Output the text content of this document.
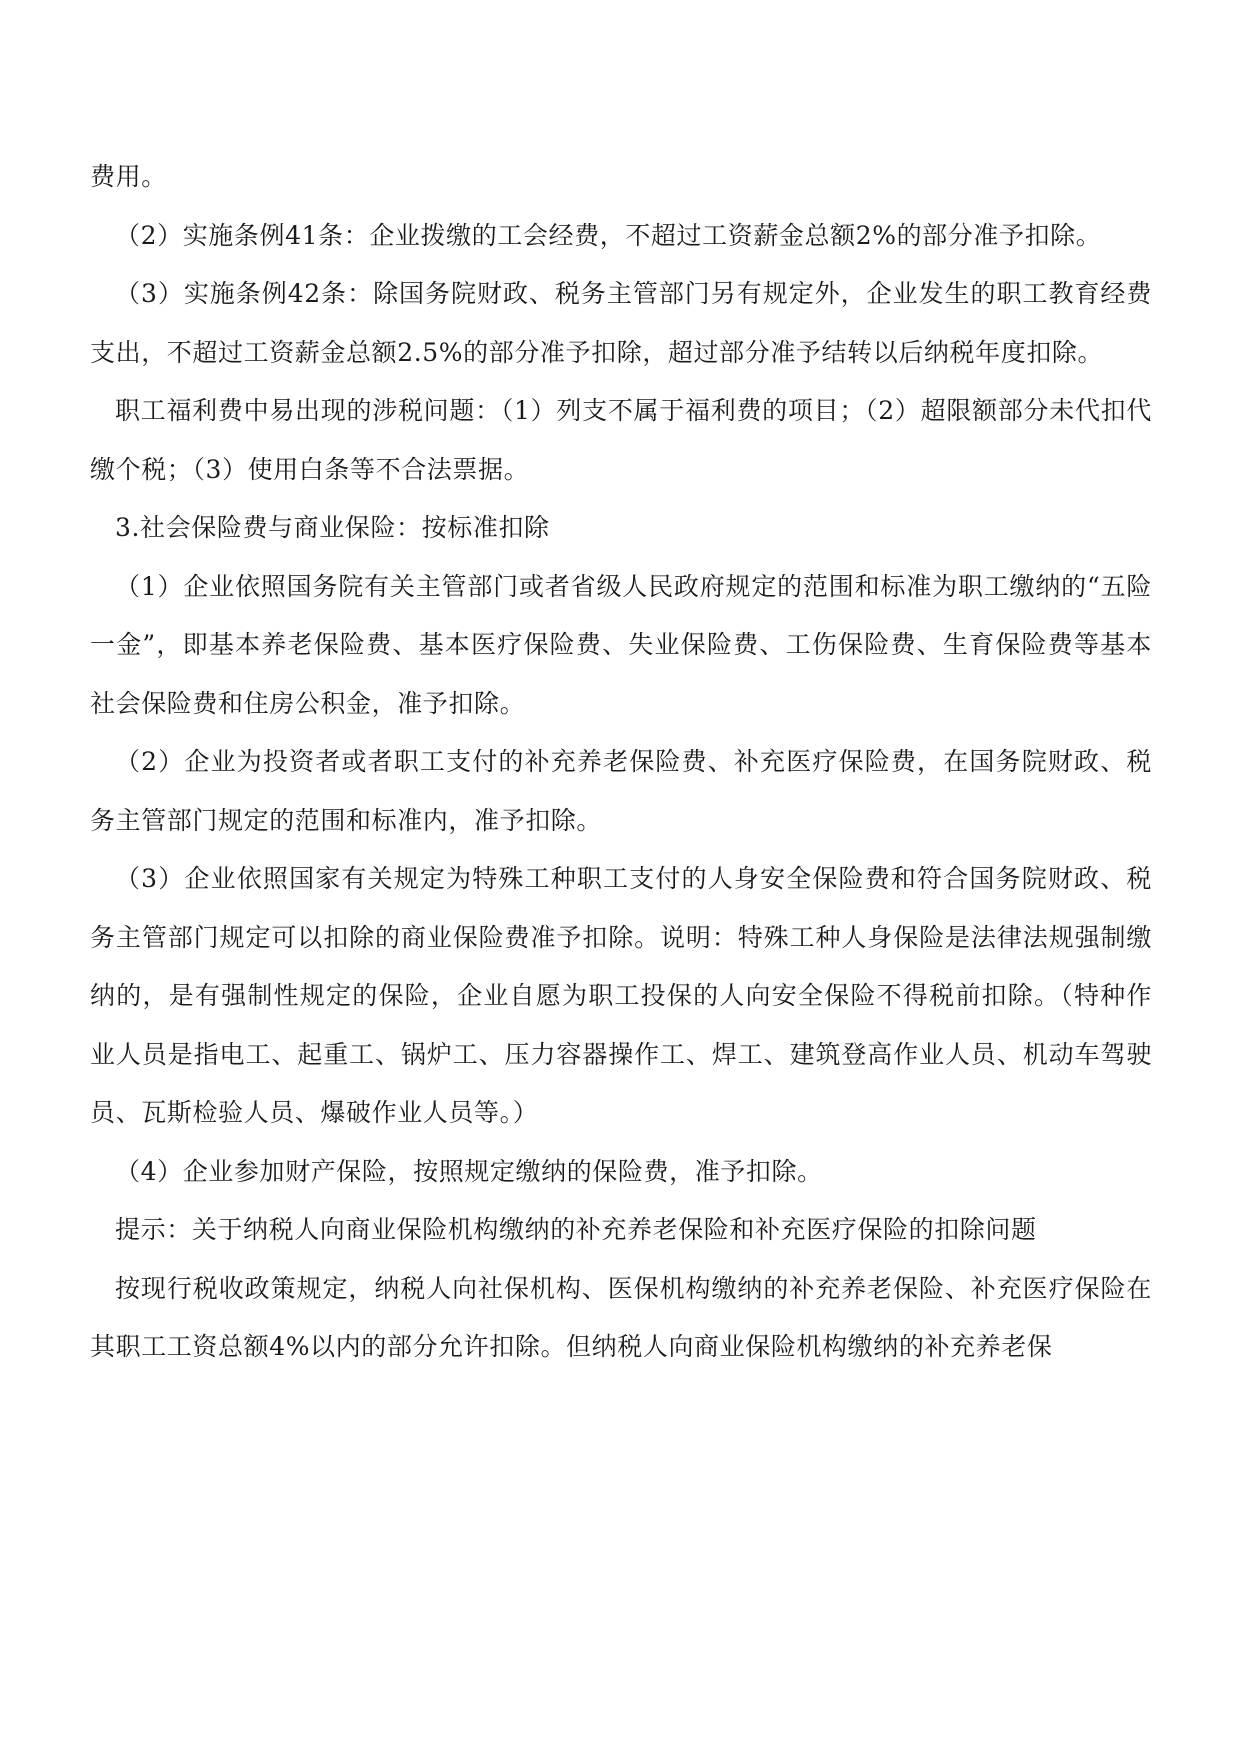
费用。

（2）实施条例41条：企业拨缴的工会经费，不超过工资薪金总额2%的部分准予扣除。

（3）实施条例42条：除国务院财政、税务主管部门另有规定外，企业发生的职工教育经费支出，不超过工资薪金总额2.5%的部分准予扣除，超过部分准予结转以后纳税年度扣除。

职工福利费中易出现的涉税问题：（1）列支不属于福利费的项目；（2）超限额部分未代扣代缴个税；（3）使用白条等不合法票据。

3.社会保险费与商业保险：按标准扣除

（1）企业依照国务院有关主管部门或者省级人民政府规定的范围和标准为职工缴纳的“五险一金”，即基本养老保险费、基本医疗保险费、失业保险费、工伤保险费、生育保险费等基本社会保险费和住房公积金，准予扣除。

（2）企业为投资者或者职工支付的补充养老保险费、补充医疗保险费，在国务院财政、税务主管部门规定的范围和标准内，准予扣除。

（3）企业依照国家有关规定为特殊工种职工支付的人身安全保险费和符合国务院财政、税务主管部门规定可以扣除的商业保险费准予扣除。说明：特殊工种人身保险是法律法规强制缴纳的，是有强制性规定的保险，企业自愿为职工投保的人向安全保险不得税前扣除。（特种作业人员是指电工、起重工、锅炉工、压力容器操作工、焊工、建筑登高作业人员、机动车驾驶员、瓦斯检验人员、爆破作业人员等。）

（4）企业参加财产保险，按照规定缴纳的保险费，准予扣除。

提示：关于纳税人向商业保险机构缴纳的补充养老保险和补充医疗保险的扣除问题

按现行税收政策规定，纳税人向社保机构、医保机构缴纳的补充养老保险、补充医疗保险在其职工工资总额4%以内的部分允许扣除。但纳税人向商业保险机构缴纳的补充养老保
